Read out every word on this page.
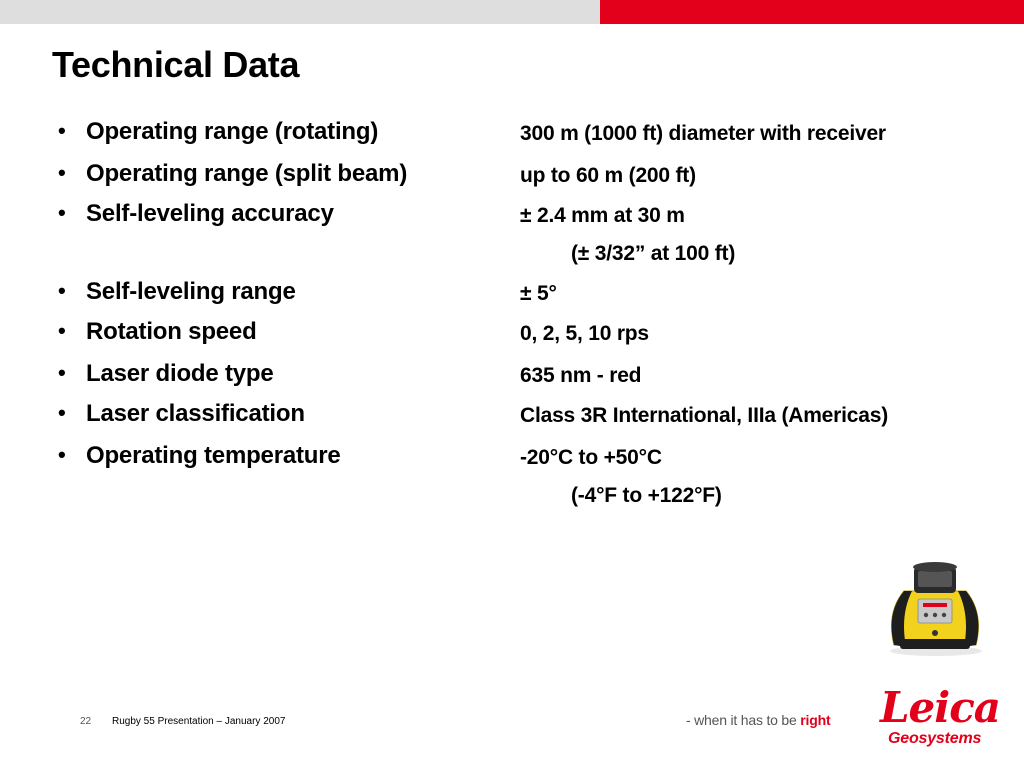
Technical Data
• Operating range (rotating)	300 m (1000 ft) diameter with receiver
• Operating range (split beam)	up to 60 m (200 ft)
• Self-leveling accuracy	± 2.4 mm at 30 m
(± 3/32” at 100 ft)
• Self-leveling range	± 5°
• Rotation speed	0, 2, 5, 10 rps
• Laser diode type	635 nm - red
• Laser classification	Class 3R International, IIIa (Americas)
• Operating temperature	-20°C to +50°C
(-4°F to +122°F)
22 Rugby 55 Presentation – January 2007	- when it has to be right Leica
Geosystems
